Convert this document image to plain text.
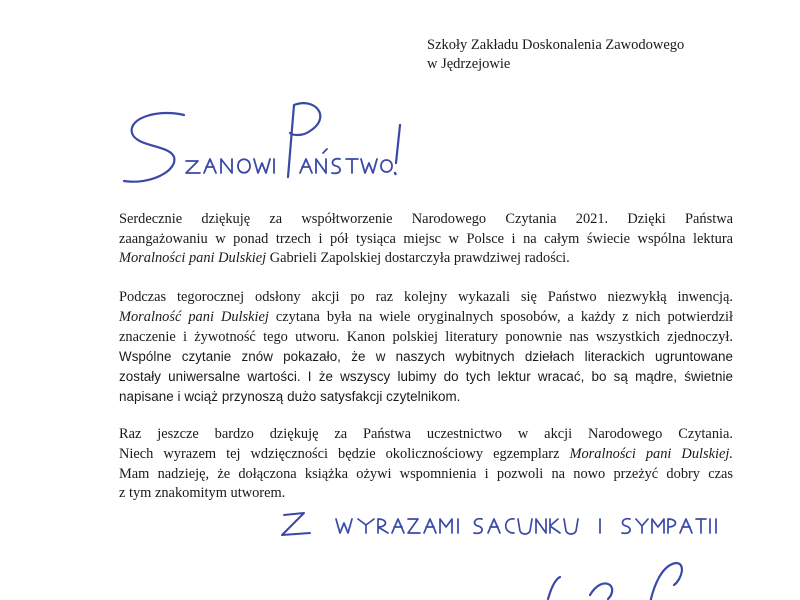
Szkoły Zakładu Doskonalenia Zawodowego
w Jędrzejowie
Serdecznie dziękuję za współtworzenie Narodowego Czytania 2021. Dzięki Państwa
zaangażowaniu w ponad trzech i pół tysiąca miejsc w Polsce i na całym świecie wspólna lektura
Moralności pani Dulskiej Gabrieli Zapolskiej dostarczyła prawdziwej radości.
Podczas tegorocznej odsłony akcji po raz kolejny wykazali się Państwo niezwykłą inwencją.
Moralność pani Dulskiej czytana była na wiele oryginalnych sposobów, a każdy z nich potwierdził
znaczenie i żywotność tego utworu. Kanon polskiej literatury ponownie nas wszystkich zjednoczył.
Wspólne czytanie znów pokazało, że w naszych wybitnych dziełach literackich ugruntowane
zostały uniwersalne wartości. I że wszyscy lubimy do tych lektur wracać, bo są mądre, świetnie
napisane i wciąż przynoszą dużo satysfakcji czytelnikom.
Raz jeszcze bardzo dziękuję za Państwa uczestnictwo w akcji Narodowego Czytania.
Niech wyrazem tej wdzięczności będzie okolicznościowy egzemplarz Moralności pani Dulskiej.
Mam nadzieję, że dołączona książka ożywi wspomnienia i pozwoli na nowo przeżyć dobry czas
z tym znakomitym utworem.
